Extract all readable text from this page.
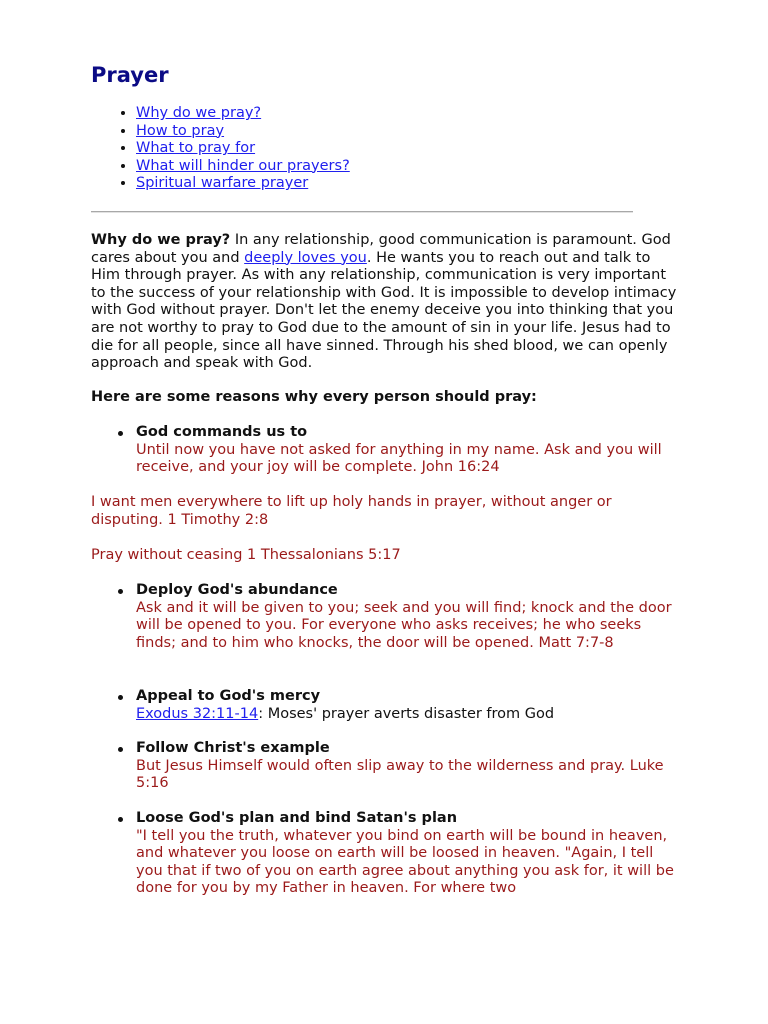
Prayer
• Why do we pray?
• How to pray
• What to pray for
• What will hinder our prayers?
• Spiritual warfare prayer
Why do we pray? In any relationship, good communication is paramount. God cares about you and deeply loves you. He wants you to reach out and talk to Him through prayer. As with any relationship, communication is very important to the success of your relationship with God. It is impossible to develop intimacy with God without prayer. Don't let the enemy deceive you into thinking that you are not worthy to pray to God due to the amount of sin in your life. Jesus had to die for all people, since all have sinned. Through his shed blood, we can openly approach and speak with God.
Here are some reasons why every person should pray:
God commands us to
Until now you have not asked for anything in my name. Ask and you will receive, and your joy will be complete. John 16:24
I want men everywhere to lift up holy hands in prayer, without anger or disputing. 1 Timothy 2:8
Pray without ceasing 1 Thessalonians 5:17
Deploy God's abundance
Ask and it will be given to you; seek and you will find; knock and the door will be opened to you. For everyone who asks receives; he who seeks finds; and to him who knocks, the door will be opened. Matt 7:7-8
Appeal to God's mercy
Exodus 32:11-14: Moses' prayer averts disaster from God
Follow Christ's example
But Jesus Himself would often slip away to the wilderness and pray. Luke 5:16
Loose God's plan and bind Satan's plan
"I tell you the truth, whatever you bind on earth will be bound in heaven, and whatever you loose on earth will be loosed in heaven. "Again, I tell you that if two of you on earth agree about anything you ask for, it will be done for you by my Father in heaven. For where two
